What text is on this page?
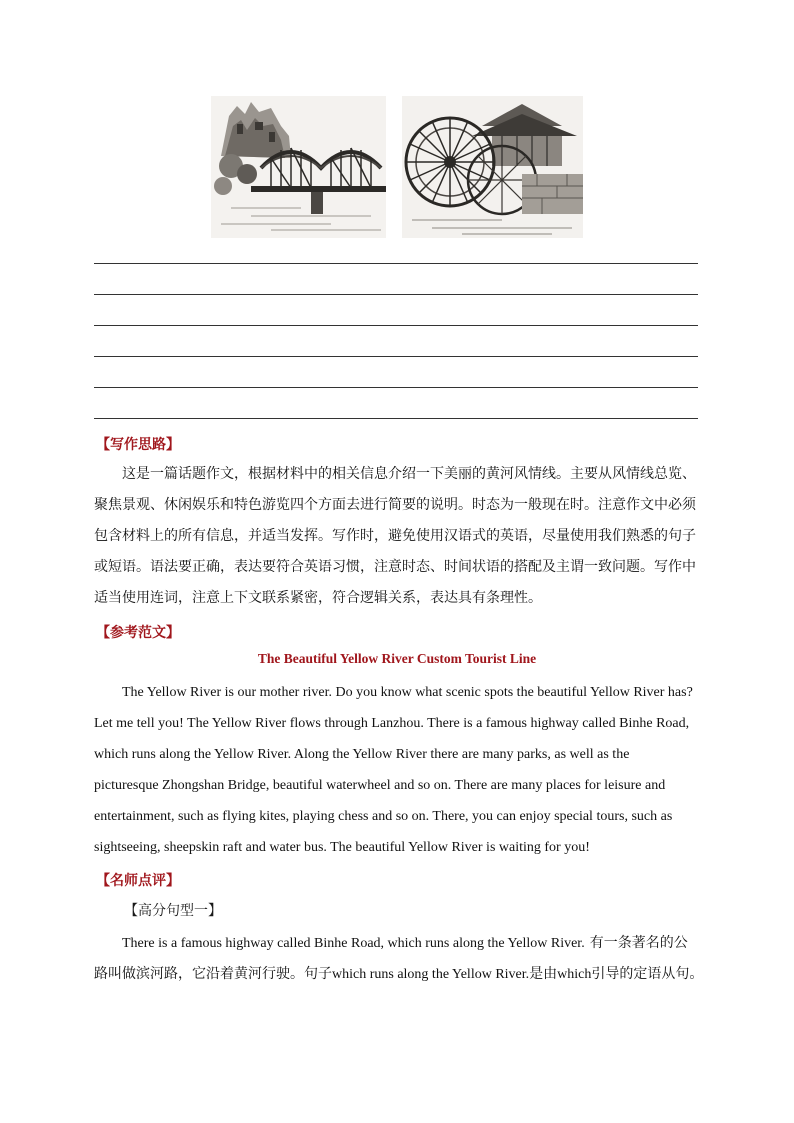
【写作思路】
这是一篇话题作文，根据材料中的相关信息介绍一下美丽的黄河风情线。主要从风情线总览、
聚焦景观、休闲娱乐和特色游览四个方面去进行简要的说明。时态为一般现在时。注意作文中必须
包含材料上的所有信息，并适当发挥。写作时，避免使用汉语式的英语，尽量使用我们熟悉的句子
或短语。语法要正确，表达要符合英语习惯，注意时态、时间状语的搭配及主谓一致问题。写作中
适当使用连词，注意上下文联系紧密，符合逻辑关系，表达具有条理性。
【参考范文】
The Beautiful Yellow River Custom Tourist Line
The Yellow River is our mother river. Do you know what scenic spots the beautiful Yellow River has?
Let me tell you! The Yellow River flows through Lanzhou. There is a famous highway called Binhe Road,
which runs along the Yellow River. Along the Yellow River there are many parks, as well as the
picturesque Zhongshan Bridge, beautiful waterwheel and so on. There are many places for leisure and
entertainment, such as flying kites, playing chess and so on. There, you can enjoy special tours, such as
sightseeing, sheepskin raft and water bus. The beautiful Yellow River is waiting for you!
【名师点评】
【高分句型一】
There is a famous highway called Binhe Road, which runs along the Yellow River. 有一条著名的公
路叫做滨河路，它沿着黄河行驶。句子which runs along the Yellow River.是由which引导的定语从句。
